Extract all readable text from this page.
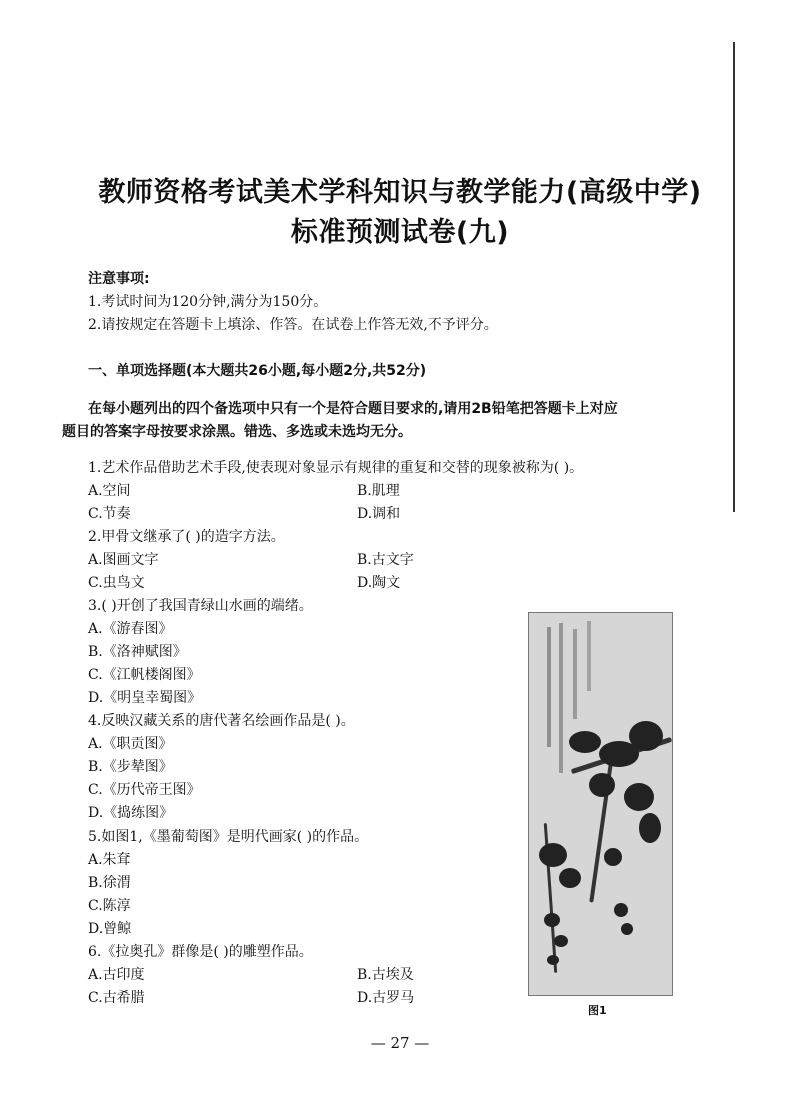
教师资格考试美术学科知识与教学能力(高级中学)
标准预测试卷(九)
注意事项:
1.考试时间为120分钟,满分为150分。
2.请按规定在答题卡上填涂、作答。在试卷上作答无效,不予评分。
一、单项选择题(本大题共26小题,每小题2分,共52分)
在每小题列出的四个备选项中只有一个是符合题目要求的,请用2B铅笔把答题卡上对应
题目的答案字母按要求涂黑。错选、多选或未选均无分。
1.艺术作品借助艺术手段,使表现对象显示有规律的重复和交替的现象被称为( )。
A.空间	B.肌理
C.节奏	D.调和
2.甲骨文继承了( )的造字方法。
A.图画文字	B.古文字
C.虫鸟文	D.陶文
3.( )开创了我国青绿山水画的端绪。
A.《游春图》
B.《洛神赋图》
C.《江帆楼阁图》
D.《明皇幸蜀图》
4.反映汉藏关系的唐代著名绘画作品是( )。
A.《职贡图》
B.《步辇图》
C.《历代帝王图》
D.《捣练图》
5.如图1,《墨葡萄图》是明代画家( )的作品。
A.朱耷
B.徐渭
C.陈淳
D.曾鲸
6.《拉奥孔》群像是( )的雕塑作品。
A.古印度	B.古埃及
C.古希腊	D.古罗马
图1
— 27 —
